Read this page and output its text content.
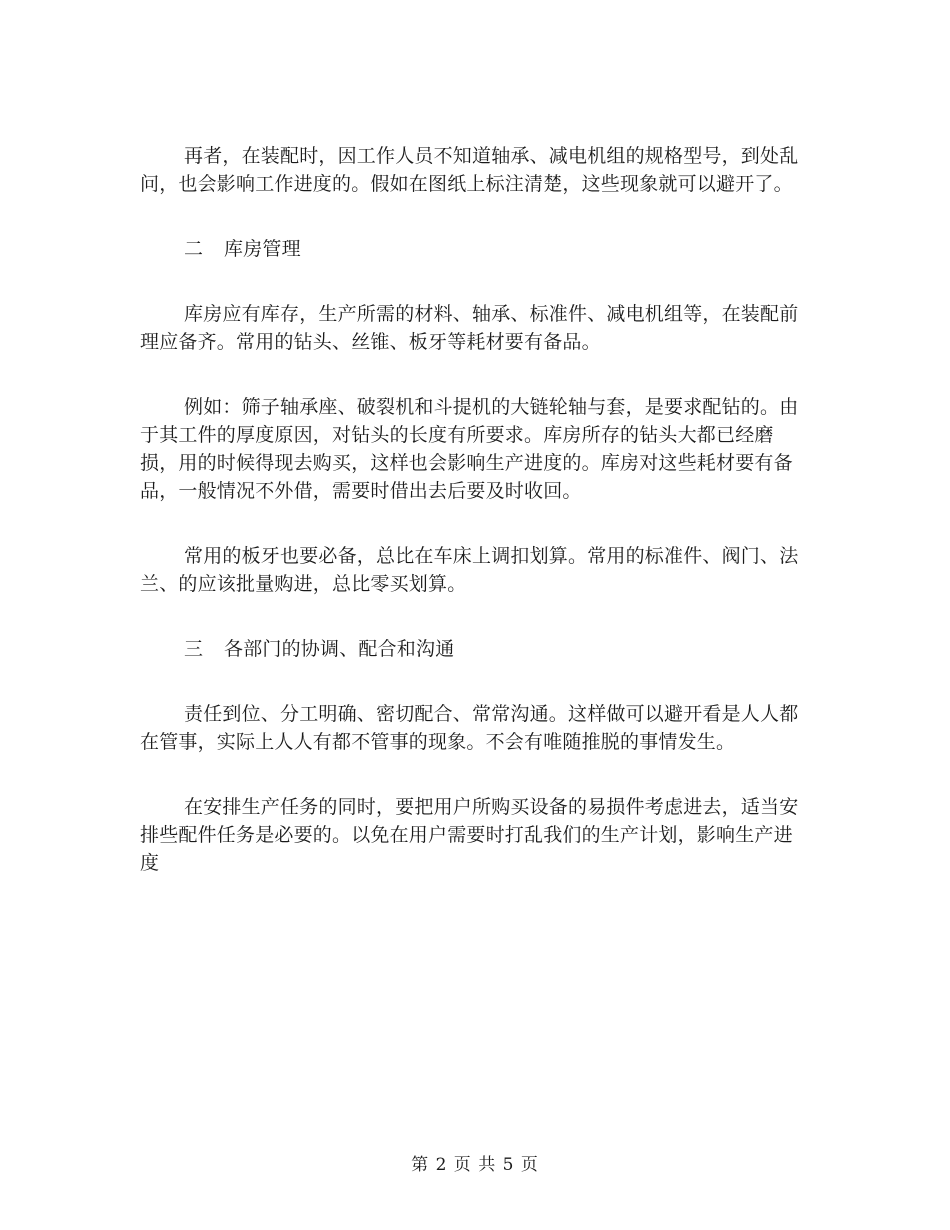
再者，在装配时，因工作人员不知道轴承、减电机组的规格型号，到处乱问，也会影响工作进度的。假如在图纸上标注清楚，这些现象就可以避开了。

二 库房管理

库房应有库存，生产所需的材料、轴承、标准件、减电机组等，在装配前理应备齐。常用的钻头、丝锥、板牙等耗材要有备品。

例如：筛子轴承座、破裂机和斗提机的大链轮轴与套，是要求配钻的。由于其工件的厚度原因，对钻头的长度有所要求。库房所存的钻头大都已经磨损，用的时候得现去购买，这样也会影响生产进度的。库房对这些耗材要有备品，一般情况不外借，需要时借出去后要及时收回。

常用的板牙也要必备，总比在车床上调扣划算。常用的标准件、阀门、法兰、的应该批量购进，总比零买划算。

三 各部门的协调、配合和沟通

责任到位、分工明确、密切配合、常常沟通。这样做可以避开看是人人都在管事，实际上人人有都不管事的现象。不会有唯随推脱的事情发生。

在安排生产任务的同时，要把用户所购买设备的易损件考虑进去，适当安排些配件任务是必要的。以免在用户需要时打乱我们的生产计划，影响生产进度

第 2 页 共 5 页
